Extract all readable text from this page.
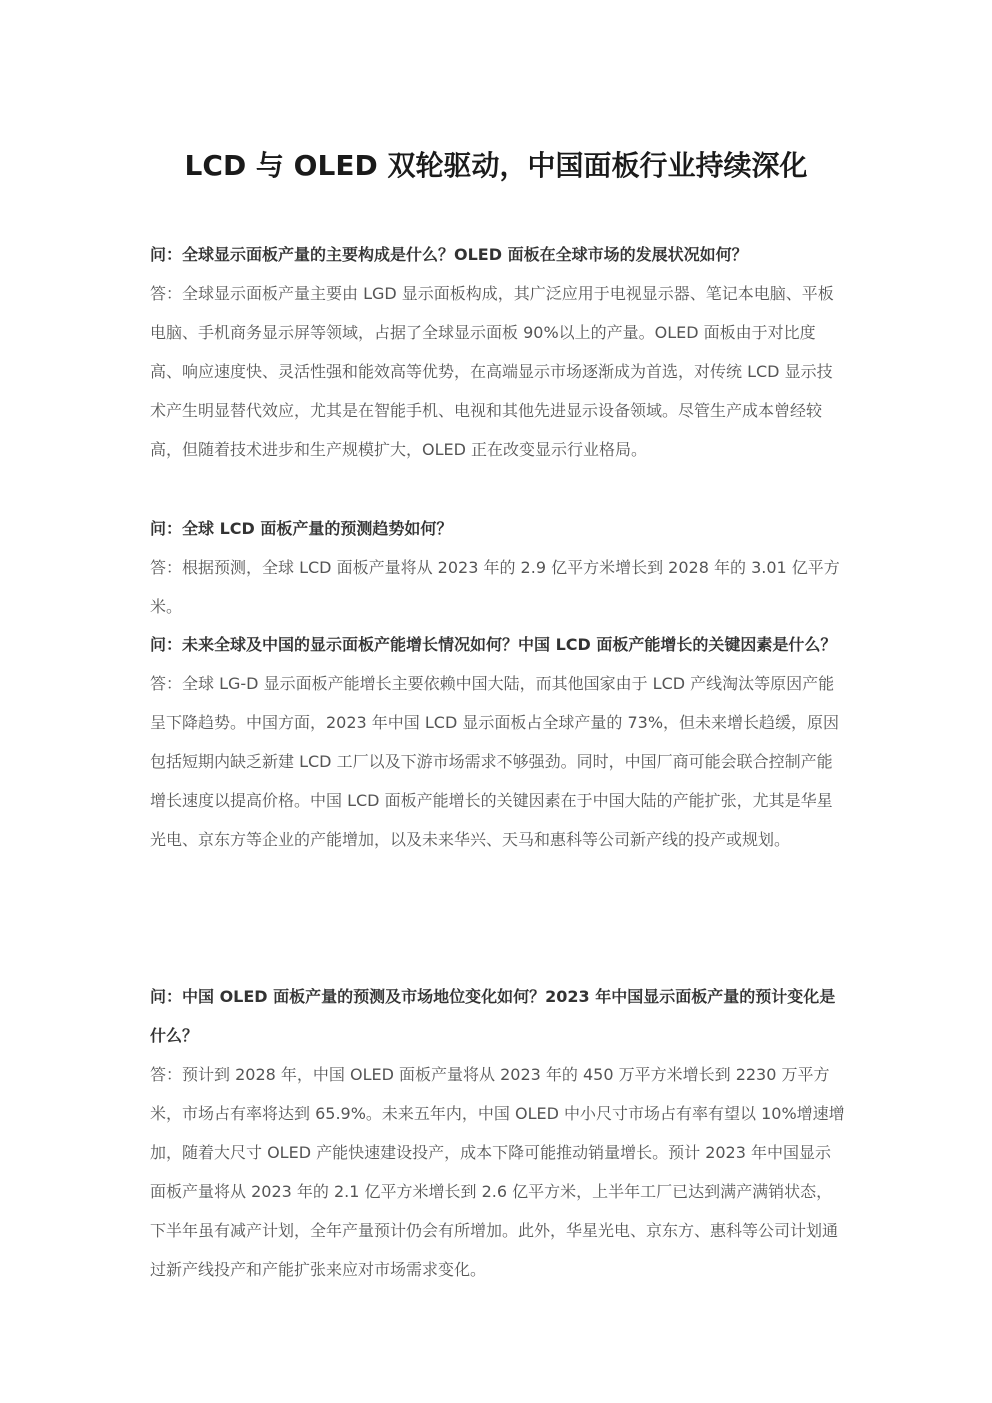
LCD 与 OLED 双轮驱动，中国面板行业持续深化

问：全球显示面板产量的主要构成是什么？OLED 面板在全球市场的发展状况如何？

答：全球显示面板产量主要由 LGD 显示面板构成，其广泛应用于电视显示器、笔记本电脑、平板电脑、手机商务显示屏等领域，占据了全球显示面板 90%以上的产量。OLED 面板由于对比度高、响应速度快、灵活性强和能效高等优势，在高端显示市场逐渐成为首选，对传统 LCD 显示技术产生明显替代效应，尤其是在智能手机、电视和其他先进显示设备领域。尽管生产成本曾经较高，但随着技术进步和生产规模扩大，OLED 正在改变显示行业格局。

问：全球 LCD 面板产量的预测趋势如何？

答：根据预测，全球 LCD 面板产量将从 2023 年的 2.9 亿平方米增长到 2028 年的 3.01 亿平方米。

问：未来全球及中国的显示面板产能增长情况如何？中国 LCD 面板产能增长的关键因素是什么？

答：全球 LG-D 显示面板产能增长主要依赖中国大陆，而其他国家由于 LCD 产线淘汰等原因产能呈下降趋势。中国方面，2023 年中国 LCD 显示面板占全球产量的 73%，但未来增长趋缓，原因包括短期内缺乏新建 LCD 工厂以及下游市场需求不够强劲。同时，中国厂商可能会联合控制产能增长速度以提高价格。中国 LCD 面板产能增长的关键因素在于中国大陆的产能扩张，尤其是华星光电、京东方等企业的产能增加，以及未来华兴、天马和惠科等公司新产线的投产或规划。

问：中国 OLED 面板产量的预测及市场地位变化如何？2023 年中国显示面板产量的预计变化是什么？

答：预计到 2028 年，中国 OLED 面板产量将从 2023 年的 450 万平方米增长到 2230 万平方米，市场占有率将达到 65.9%。未来五年内，中国 OLED 中小尺寸市场占有率有望以 10%增速增加，随着大尺寸 OLED 产能快速建设投产，成本下降可能推动销量增长。预计 2023 年中国显示面板产量将从 2023 年的 2.1 亿平方米增长到 2.6 亿平方米，上半年工厂已达到满产满销状态，下半年虽有减产计划，全年产量预计仍会有所增加。此外，华星光电、京东方、惠科等公司计划通过新产线投产和产能扩张来应对市场需求变化。
